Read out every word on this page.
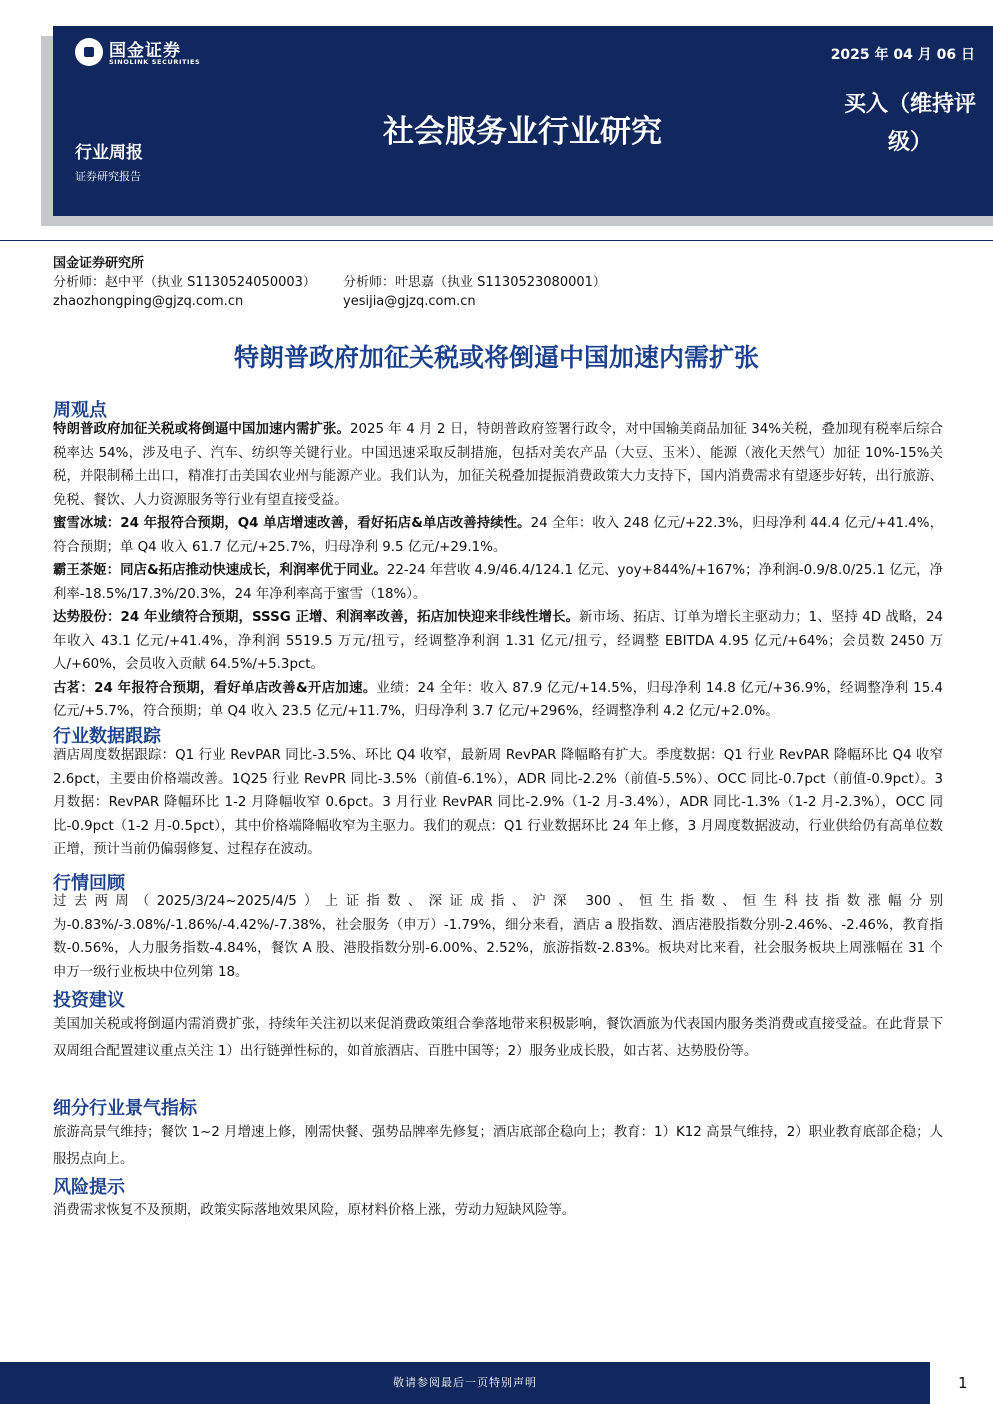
国金证券
SINOLINK SECURITIES	2025 年 04 月 06 日
社会服务业行业研究
买入（维持评级）
行业周报
证券研究报告
国金证券研究所
分析师：赵中平（执业 S1130524050003） 分析师：叶思嘉（执业 S1130523080001）
zhaozhongping@gjzq.com.cn	yesijia@gjzq.com.cn
特朗普政府加征关税或将倒逼中国加速内需扩张
周观点

特朗普政府加征关税或将倒逼中国加速内需扩张。2025 年 4 月 2 日，特朗普政府签署行政令，对中国输美商品加征 34%关税，叠加现有税率后综合税率达 54%，涉及电子、汽车、纺织等关键行业。中国迅速采取反制措施，包括对美农产品（大豆、玉米）、能源（液化天然气）加征 10%-15%关税，并限制稀土出口，精准打击美国农业州与能源产业。我们认为，加征关税叠加提振消费政策大力支持下，国内消费需求有望逐步好转，出行旅游、免税、餐饮、人力资源服务等行业有望直接受益。

蜜雪冰城：24 年报符合预期，Q4 单店增速改善，看好拓店&单店改善持续性。24 全年：收入 248 亿元/+22.3%，归母净利 44.4 亿元/+41.4%，符合预期；单 Q4 收入 61.7 亿元/+25.7%，归母净利 9.5 亿元/+29.1%。

霸王茶姬：同店&拓店推动快速成长，利润率优于同业。22-24 年营收 4.9/46.4/124.1 亿元、yoy+844%/+167%；净利润-0.9/8.0/25.1 亿元，净利率-18.5%/17.3%/20.3%，24 年净利率高于蜜雪（18%）。

达势股份：24 年业绩符合预期，SSSG 正增、利润率改善，拓店加快迎来非线性增长。新市场、拓店、订单为增长主驱动力；1、坚持 4D 战略，24 年收入 43.1 亿元/+41.4%，净利润 5519.5 万元/扭亏，经调整净利润 1.31 亿元/扭亏，经调整 EBITDA 4.95 亿元/+64%；会员数 2450 万人/+60%，会员收入贡献 64.5%/+5.3pct。

古茗：24 年报符合预期，看好单店改善&开店加速。业绩：24 全年：收入 87.9 亿元/+14.5%，归母净利 14.8 亿元/+36.9%，经调整净利 15.4 亿元/+5.7%，符合预期；单 Q4 收入 23.5 亿元/+11.7%，归母净利 3.7 亿元/+296%，经调整净利 4.2 亿元/+2.0%。

行业数据跟踪
酒店周度数据跟踪：Q1 行业 RevPAR 同比-3.5%、环比 Q4 收窄，最新周 RevPAR 降幅略有扩大。季度数据：Q1 行业 RevPAR 降幅环比 Q4 收窄 2.6pct，主要由价格端改善。1Q25 行业 RevPR 同比-3.5%（前值-6.1%），ADR 同比-2.2%（前值-5.5%）、OCC 同比-0.7pct（前值-0.9pct）。3 月数据：RevPAR 降幅环比 1-2 月降幅收窄 0.6pct。3 月行业 RevPAR 同比-2.9%（1-2 月-3.4%），ADR 同比-1.3%（1-2 月-2.3%），OCC 同比-0.9pct（1-2 月-0.5pct），其中价格端降幅收窄为主驱力。我们的观点：Q1 行业数据环比 24 年上修，3 月周度数据波动，行业供给仍有高单位数正增，预计当前仍偏弱修复、过程存在波动。
行情回顾
过去两周（2025/3/24~2025/4/5）上证指数、深证成指、沪深 300、恒生指数、恒生科技指数涨幅分别为-0.83%/-3.08%/-1.86%/-4.42%/-7.38%，社会服务（申万）-1.79%，细分来看，酒店 a 股指数、酒店港股指数分别-2.46%、-2.46%，教育指数-0.56%，人力服务指数-4.84%，餐饮 A 股、港股指数分别-6.00%、2.52%，旅游指数-2.83%。板块对比来看，社会服务板块上周涨幅在 31 个申万一级行业板块中位列第 18。
投资建议
美国加关税或将倒逼内需消费扩张，持续年关注初以来促消费政策组合拳落地带来积极影响，餐饮酒旅为代表国内服务类消费或直接受益。在此背景下双周组合配置建议重点关注 1）出行链弹性标的，如首旅酒店、百胜中国等；2）服务业成长股，如古茗、达势股份等。
细分行业景气指标
旅游高景气维持；餐饮 1~2 月增速上修，刚需快餐、强势品牌率先修复；酒店底部企稳向上；教育：1）K12 高景气维持，2）职业教育底部企稳；人服拐点向上。
风险提示
消费需求恢复不及预期，政策实际落地效果风险，原材料价格上涨，劳动力短缺风险等。
敬请参阅最后一页特别声明	1
